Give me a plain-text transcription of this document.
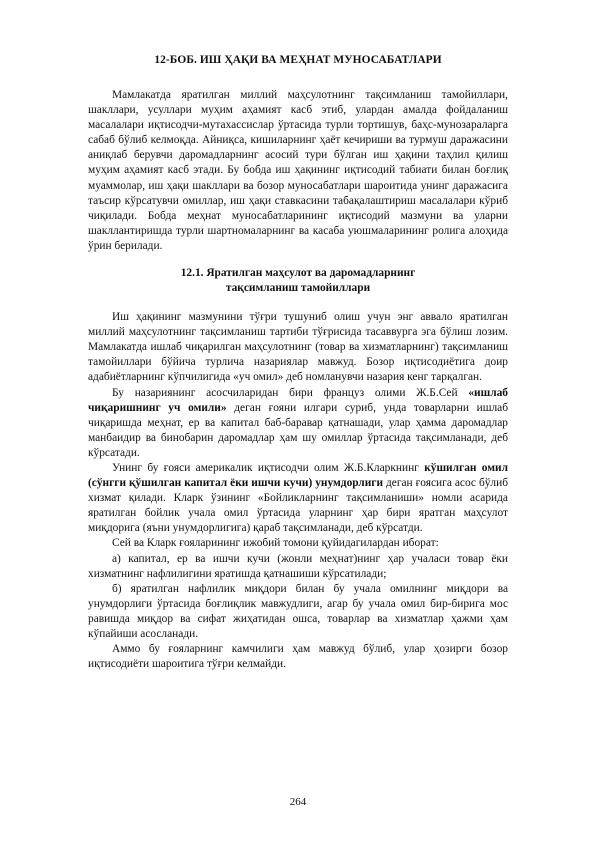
12-БОБ. ИШ ҲАҚИ ВА МЕҲНАТ МУНОСАБАТЛАРИ

Мамлакатда яратилган миллий маҳсулотнинг тақсимланиш тамойиллари, шакллари, усуллари муҳим аҳамият касб этиб, улардан амалда фойдаланиш масалалари иқтисодчи-мутахассислар ўртасида турли тортишув, баҳс-мунозараларга сабаб бўлиб келмоқда. Айниқса, кишиларнинг ҳаёт кечириши ва турмуш даражасини аниқлаб берувчи даромадларнинг асосий тури бўлган иш ҳақини таҳлил қилиш муҳим аҳамият касб этади. Бу бобда иш ҳақининг иқтисодий табиати билан боғлиқ муаммолар, иш ҳақи шакллари ва бозор муносабатлари шароитида унинг даражасига таъсир кўрсатувчи омиллар, иш ҳақи ставкасини табақалаштириш масалалари кўриб чиқилади. Бобда меҳнат муносабатларининг иқтисодий мазмуни ва уларни шакллантиришда турли шартномаларнинг ва касаба уюшмаларининг ролига алоҳида ўрин берилади.

12.1. Яратилган маҳсулот ва даромадларнинг
тақсимланиш тамойиллари

Иш ҳақининг мазмунини тўғри тушуниб олиш учун энг аввало яратилган миллий маҳсулотнинг тақсимланиш тартиби тўғрисида тасаввурга эга бўлиш лозим. Мамлакатда ишлаб чиқарилган маҳсулотнинг (товар ва хизматларнинг) тақсимланиш тамойиллари бўйича турлича назариялар мавжуд. Бозор иқтисодиётига доир адабиётларнинг кўпчилигида «уч омил» деб номланувчи назария кенг тарқалган.

Бу назариянинг асосчиларидан бири француз олими Ж.Б.Сей «ишлаб чиқаришнинг уч омили» деган ғояни илгари суриб, унда товарларни ишлаб чиқаришда меҳнат, ер ва капитал баб-баравар қатнашади, улар ҳамма даромадлар манбаидир ва бинобарин даромадлар ҳам шу омиллар ўртасида тақсимланади, деб кўрсатади.

Унинг бу ғояси америкалик иқтисодчи олим Ж.Б.Кларкнинг кўшилган омил (сўнгги қўшилган капитал ёки ишчи кучи) унумдорлиги деган ғоясига асос бўлиб хизмат қилади. Кларк ўзининг «Бойликларнинг тақсимланиши» номли асарида яратилган бойлик учала омил ўртасида уларнинг ҳар бири яратган маҳсулот миқдорига (яъни унумдорлигига) қараб тақсимланади, деб кўрсатди.

Сей ва Кларк ғояларининг ижобий томони қуйидагилардан иборат:

а) капитал, ер ва ишчи кучи (жонли меҳнат)нинг ҳар учаласи товар ёки хизматнинг нафлилигини яратишда қатнашиши кўрсатилади;

б) яратилган нафлилик миқдори билан бу учала омилнинг миқдори ва унумдорлиги ўртасида боғлиқлик мавжудлиги, агар бу учала омил бир-бирига мос равишда миқдор ва сифат жиҳатидан ошса, товарлар ва хизматлар ҳажми ҳам кўпайиши асосланади.

Аммо бу ғояларнинг камчилиги ҳам мавжуд бўлиб, улар ҳозирги бозор иқтисодиёти шароитига тўғри келмайди.

264
